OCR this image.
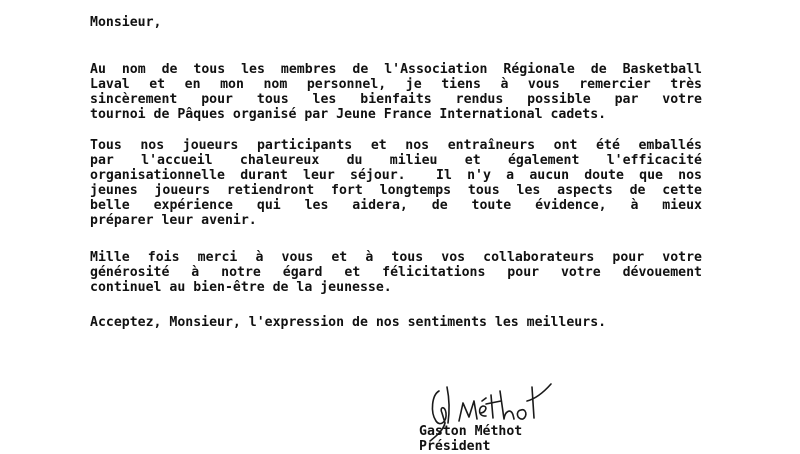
Monsieur,
Au nom de tous les membres de l'Association Régionale de Basketball
Laval et en mon nom personnel, je tiens à vous remercier très
sincèrement pour tous les bienfaits rendus possible par votre
tournoi de Pâques organisé par Jeune France International cadets.
Tous nos joueurs participants et nos entraîneurs ont été emballés
par l'accueil chaleureux du milieu et également l'efficacité
organisationnelle durant leur séjour.  Il n'y a aucun doute que nos
jeunes joueurs retiendront fort longtemps tous les aspects de cette
belle expérience qui les aidera, de toute évidence, à mieux
préparer leur avenir.
Mille fois merci à vous et à tous vos collaborateurs pour votre
générosité à notre égard et félicitations pour votre dévouement
continuel au bien-être de la jeunesse.
Acceptez, Monsieur, l'expression de nos sentiments les meilleurs.
Gaston Méthot
Président
